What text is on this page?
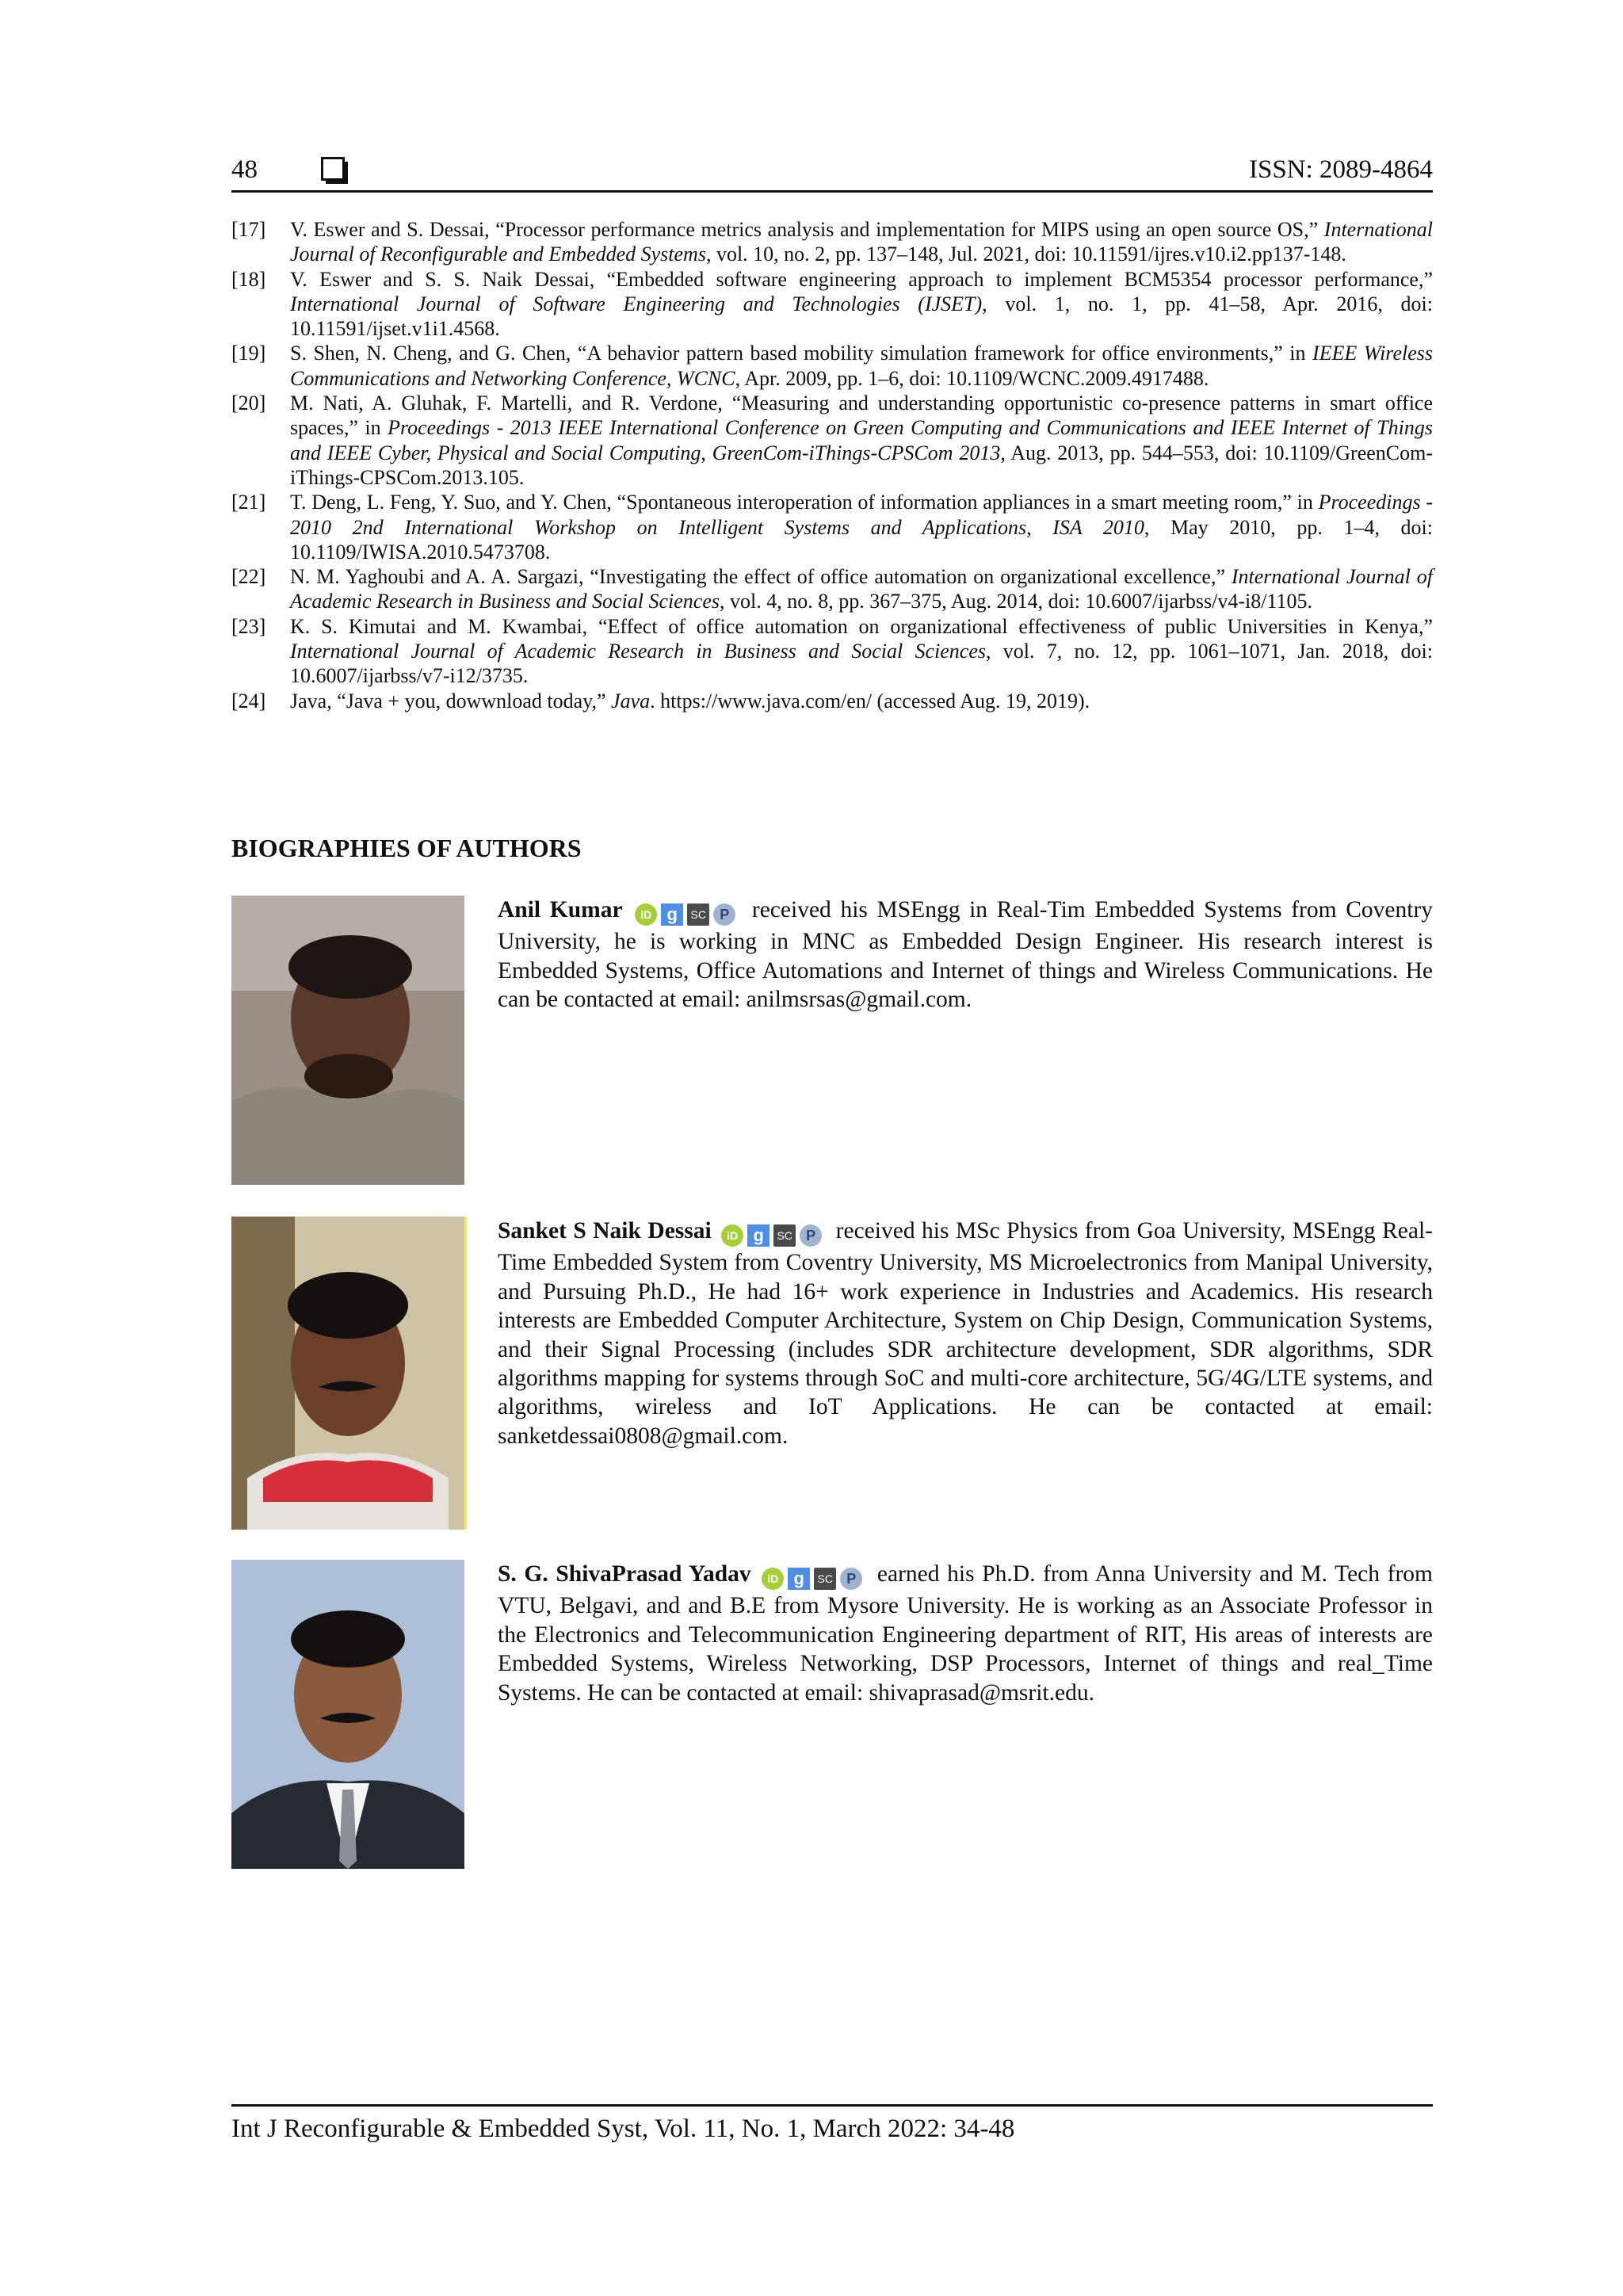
48	ISSN: 2089-4864
[17]	V. Eswer and S. Dessai, “Processor performance metrics analysis and implementation for MIPS using an open source OS,” International Journal of Reconfigurable and Embedded Systems, vol. 10, no. 2, pp. 137–148, Jul. 2021, doi: 10.11591/ijres.v10.i2.pp137-148.
[18]	V. Eswer and S. S. Naik Dessai, “Embedded software engineering approach to implement BCM5354 processor performance,” International Journal of Software Engineering and Technologies (IJSET), vol. 1, no. 1, pp. 41–58, Apr. 2016, doi: 10.11591/ijset.v1i1.4568.
[19]	S. Shen, N. Cheng, and G. Chen, “A behavior pattern based mobility simulation framework for office environments,” in IEEE Wireless Communications and Networking Conference, WCNC, Apr. 2009, pp. 1–6, doi: 10.1109/WCNC.2009.4917488.
[20]	M. Nati, A. Gluhak, F. Martelli, and R. Verdone, “Measuring and understanding opportunistic co-presence patterns in smart office spaces,” in Proceedings - 2013 IEEE International Conference on Green Computing and Communications and IEEE Internet of Things and IEEE Cyber, Physical and Social Computing, GreenCom-iThings-CPSCom 2013, Aug. 2013, pp. 544–553, doi: 10.1109/GreenCom-iThings-CPSCom.2013.105.
[21]	T. Deng, L. Feng, Y. Suo, and Y. Chen, “Spontaneous interoperation of information appliances in a smart meeting room,” in Proceedings - 2010 2nd International Workshop on Intelligent Systems and Applications, ISA 2010, May 2010, pp. 1–4, doi: 10.1109/IWISA.2010.5473708.
[22]	N. M. Yaghoubi and A. A. Sargazi, “Investigating the effect of office automation on organizational excellence,” International Journal of Academic Research in Business and Social Sciences, vol. 4, no. 8, pp. 367–375, Aug. 2014, doi: 10.6007/ijarbss/v4-i8/1105.
[23]	K. S. Kimutai and M. Kwambai, “Effect of office automation on organizational effectiveness of public Universities in Kenya,” International Journal of Academic Research in Business and Social Sciences, vol. 7, no. 12, pp. 1061–1071, Jan. 2018, doi: 10.6007/ijarbss/v7-i12/3735.
[24]	Java, “Java + you, dowwnload today,” Java. https://www.java.com/en/ (accessed Aug. 19, 2019).
BIOGRAPHIES OF AUTHORS
Anil Kumar iD g SC P received his MSEngg in Real-Tim Embedded Systems from Coventry University, he is working in MNC as Embedded Design Engineer. His research interest is Embedded Systems, Office Automations and Internet of things and Wireless Communications. He can be contacted at email: anilmsrsas@gmail.com.
Sanket S Naik Dessai iD g SC P received his MSc Physics from Goa University, MSEngg Real-Time Embedded System from Coventry University, MS Microelectronics from Manipal University, and Pursuing Ph.D., He had 16+ work experience in Industries and Academics. His research interests are Embedded Computer Architecture, System on Chip Design, Communication Systems, and their Signal Processing (includes SDR architecture development, SDR algorithms, SDR algorithms mapping for systems through SoC and multi-core architecture, 5G/4G/LTE systems, and algorithms, wireless and IoT Applications. He can be contacted at email: sanketdessai0808@gmail.com.
S. G. ShivaPrasad Yadav iD g SC P earned his Ph.D. from Anna University and M. Tech from VTU, Belgavi, and and B.E from Mysore University. He is working as an Associate Professor in the Electronics and Telecommunication Engineering department of RIT, His areas of interests are Embedded Systems, Wireless Networking, DSP Processors, Internet of things and real_Time Systems. He can be contacted at email: shivaprasad@msrit.edu.
Int J Reconfigurable & Embedded Syst, Vol. 11, No. 1, March 2022: 34-48
